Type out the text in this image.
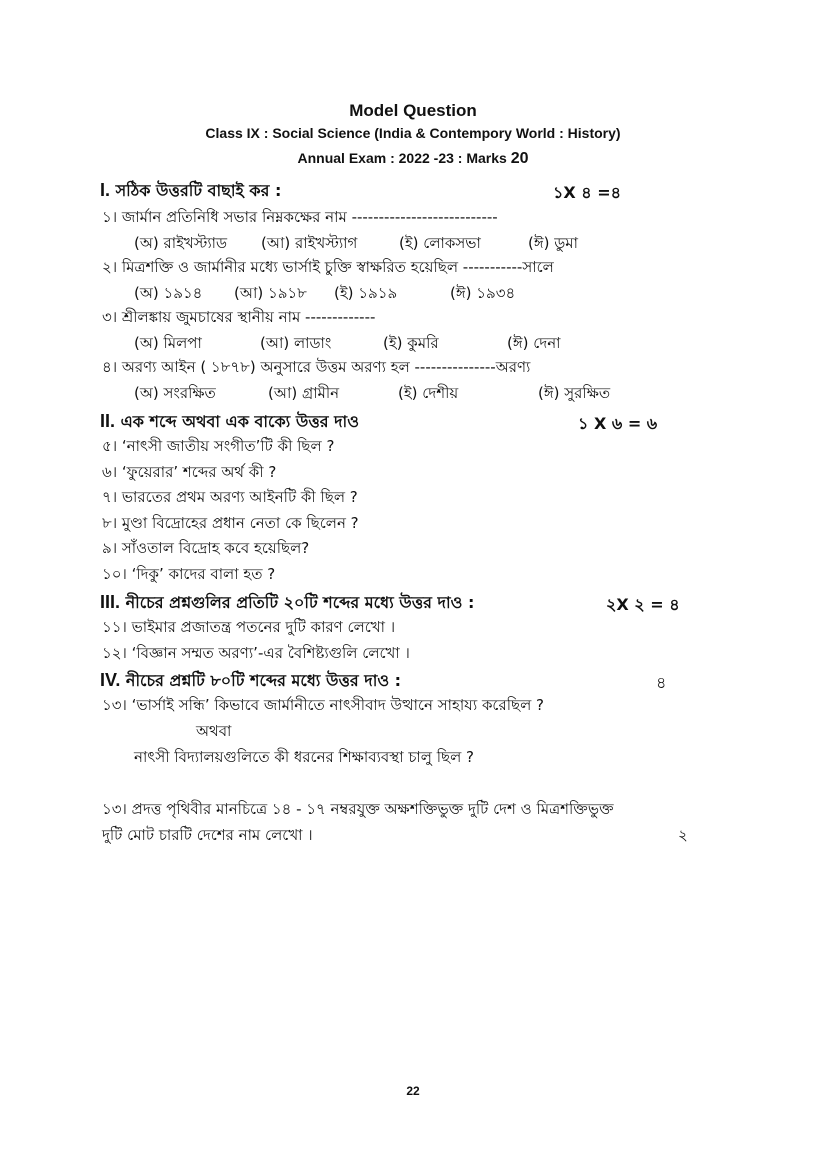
Model Question
Class IX : Social Science (India & Contempory World : History)
Annual Exam : 2022 -23 : Marks 20
I. সঠিক উত্তরটি বাছাই কর :	১X ৪ =৪
১। জার্মান প্রতিনিধি সভার নিম্নকক্ষের নাম ---------------------------
(অ) রাইখস্ট্যাড (আ) রাইখস্ট্যাগ	(ই) লোকসভা	(ঈ) ডুমা
২। মিত্রশক্তি ও জার্মানীর মধ্যে ভার্সাই চুক্তি স্বাক্ষরিত হয়েছিল -----------সালে
(অ) ১৯১৪ (আ) ১৯১৮ (ই) ১৯১৯	(ঈ) ১৯৩৪
৩। শ্রীলঙ্কায় জুমচাষের স্থানীয় নাম -------------
(অ) মিলপা	(আ) লাডাং	(ই) কুমরি	(ঈ) দেনা
৪। অরণ্য আইন ( ১৮৭৮) অনুসারে উত্তম অরণ্য হল ---------------অরণ্য
(অ) সংরক্ষিত	(আ) গ্রামীন	(ই) দেশীয়	(ঈ) সুরক্ষিত
II. এক শব্দে অথবা এক বাক্যে উত্তর দাও	১ X ৬ = ৬
৫। ‘নাৎসী জাতীয় সংগীত’টি কী ছিল ?
৬। ‘ফুয়েরার’ শব্দের অর্থ কী ?
৭। ভারতের প্রথম অরণ্য আইনটি কী ছিল ?
৮। মুণ্ডা বিদ্রোহের প্রধান নেতা কে ছিলেন ?
৯। সাঁওতাল বিদ্রোহ কবে হয়েছিল?
১০। ‘দিকু’ কাদের বালা হত ?
III. নীচের প্রশ্নগুলির প্রতিটি ২০টি শব্দের মধ্যে উত্তর দাও :	২X ২ = ৪
১১। ভাইমার প্রজাতন্ত্র পতনের দুটি কারণ লেখো ।
১২। ‘বিজ্ঞান সম্মত অরণ্য’-এর বৈশিষ্ট্যগুলি লেখো ।
IV. নীচের প্রশ্নটি ৮০টি শব্দের মধ্যে উত্তর দাও :	৪
১৩। ‘ভার্সাই সন্ধি’ কিভাবে জার্মানীতে নাৎসীবাদ উত্থানে সাহায্য করেছিল ?
অথবা
নাৎসী বিদ্যালয়গুলিতে কী ধরনের শিক্ষাব্যবস্থা চালু ছিল ?
১৩। প্রদত্ত পৃথিবীর মানচিত্রে ১৪ - ১৭ নম্বরযুক্ত অক্ষশক্তিভুক্ত দুটি দেশ ও মিত্রশক্তিভুক্ত
দুটি মোট চারটি দেশের নাম লেখো ।	২
22
